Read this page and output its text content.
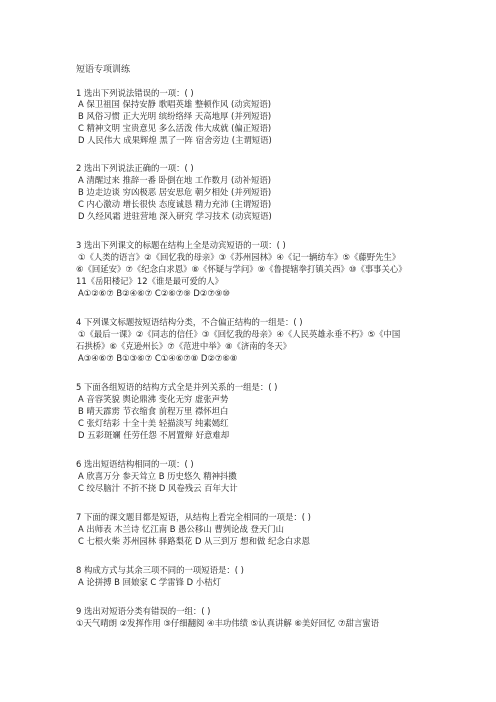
短语专项训练
1 选出下列说法错误的一项：( )
A 保卫祖国 保持安静 歌唱英雄 整顿作风 (动宾短语)
B 风俗习惯 正大光明 缤纷络绎 天高地厚 (并列短语)
C 精神文明 宝贵意见 多么活泼 伟大成就 (偏正短语)
D 人民伟大 成果辉煌 黑了一阵 宿舍旁边 (主谓短语)
2 选出下列说法正确的一项：( )
A 清醒过来 推辞一番 卧倒在地 工作数月 (动补短语)
B 边走边谈 穷凶极恶 居安思危 朝夕相处 (并列短语)
C 内心激动 增长很快 态度诚恳 精力充沛 (主谓短语)
D 久经风霜 进驻营地 深入研究 学习技术 (动宾短语)
3 选出下列课文的标题在结构上全是动宾短语的一项：( )
①《人类的语言》②《回忆我的母亲》③《苏州园林》④《记一辆纺车》⑤《藤野先生》
⑥《回延安》⑦《纪念白求恩》⑧《怀疑与学问》⑨《鲁提辖拳打镇关西》⑩《事事关心》
11《岳阳楼记》12《谁是最可爱的人》
A①②⑥⑦ B②④⑥⑦ C②⑥⑦⑨ D②⑦⑨⑩
4 下列课文标题按短语结构分类，不合偏正结构的一组是：( )
①《最后一课》②《同志的信任》③《回忆我的母亲》④《人民英雄永垂不朽》⑤《中国
石拱桥》⑥《克逊州长》⑦《范进中举》⑧《济南的冬天》
A③④⑥⑦ B①③⑥⑦ C①④⑥⑦⑧ D②⑦⑥⑧
5 下面各组短语的结构方式全是并列关系的一组是：( )
A 音容笑貌 舆论鼎沸 变化无穷 虚张声势
B 晴天霹雳 节衣缩食 前程万里 襟怀坦白
C 张灯结彩 十全十美 轻描淡写 纯素嫣红
D 五彩斑斓 任劳任怨 不屑置辩 好意难却
6 选出短语结构相同的一项：( )
A 欣喜万分 参天耸立 B 历史悠久 精神抖擞
C 绞尽脑汁 不折不挠 D 风卷残云 百年大计
7 下面的课文题目都是短语，从结构上看完全相同的一项是：( )
A 出师表 木兰诗 忆江南 B 愚公移山 曹刿论战 登天门山
C 七根火柴 苏州园林 驿路梨花 D 从三到万 想和做 纪念白求恩
8 构成方式与其余三项不同的一项短语是：( )
A 论拼搏 B 回娘家 C 学雷锋 D 小桔灯
9 选出对短语分类有错误的一组：( )
①天气晴朗 ②发挥作用 ③仔细翻阅 ④丰功伟绩 ⑤认真讲解 ⑥美好回忆 ⑦甜言蜜语
